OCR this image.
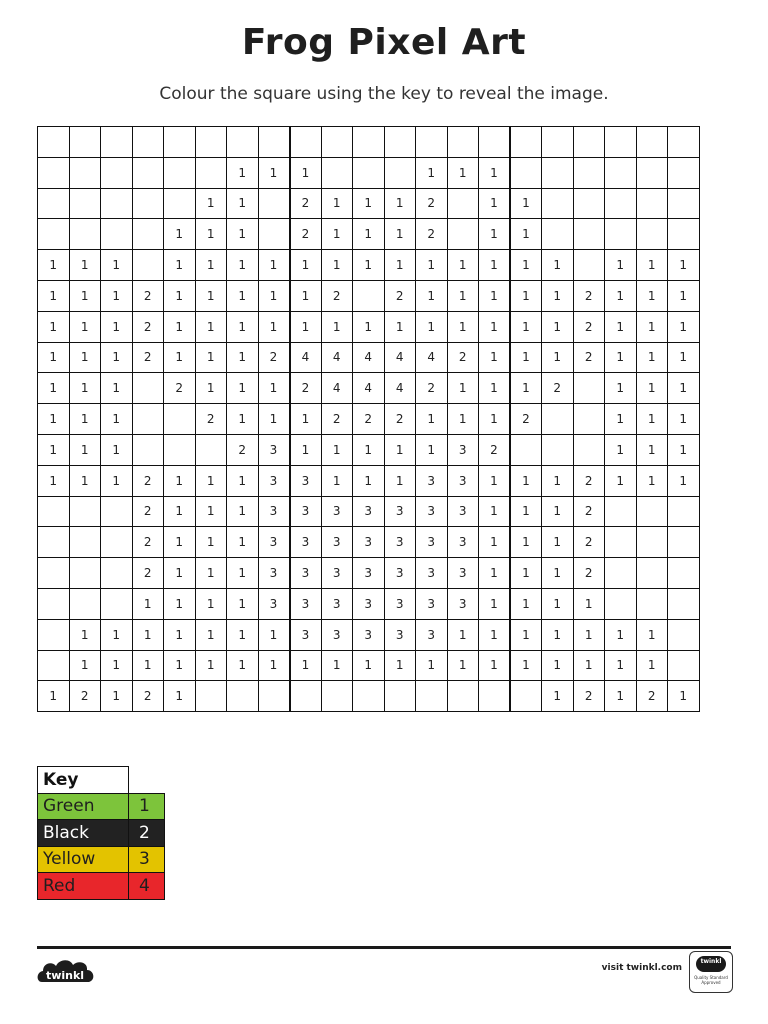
Frog Pixel Art
Colour the square using the key to reveal the image.

						1	1	1				1	1	1						
					1	1		2	1	1	1	2		1	1					
				1	1	1		2	1	1	1	2		1	1					
1	1	1		1	1	1	1	1	1	1	1	1	1	1	1	1		1	1	1
1	1	1	2	1	1	1	1	1	2		2	1	1	1	1	1	2	1	1	1
1	1	1	2	1	1	1	1	1	1	1	1	1	1	1	1	1	2	1	1	1
1	1	1	2	1	1	1	2	4	4	4	4	4	2	1	1	1	2	1	1	1
1	1	1		2	1	1	1	2	4	4	4	2	1	1	1	2		1	1	1
1	1	1			2	1	1	1	2	2	2	1	1	1	2			1	1	1
1	1	1				2	3	1	1	1	1	1	3	2				1	1	1
1	1	1	2	1	1	1	3	3	1	1	1	3	3	1	1	1	2	1	1	1
			2	1	1	1	3	3	3	3	3	3	3	1	1	1	2			
			2	1	1	1	3	3	3	3	3	3	3	1	1	1	2			
			2	1	1	1	3	3	3	3	3	3	3	1	1	1	2			
			1	1	1	1	3	3	3	3	3	3	3	1	1	1	1			
	1	1	1	1	1	1	1	3	3	3	3	3	1	1	1	1	1	1	1	
	1	1	1	1	1	1	1	1	1	1	1	1	1	1	1	1	1	1	1	
1	2	1	2	1												1	2	1	2	1
Key	
Green	1
Black	2
Yellow	3
Red	4
twinkl
visit twinkl.com
twinkl
Quality Standard Approved
